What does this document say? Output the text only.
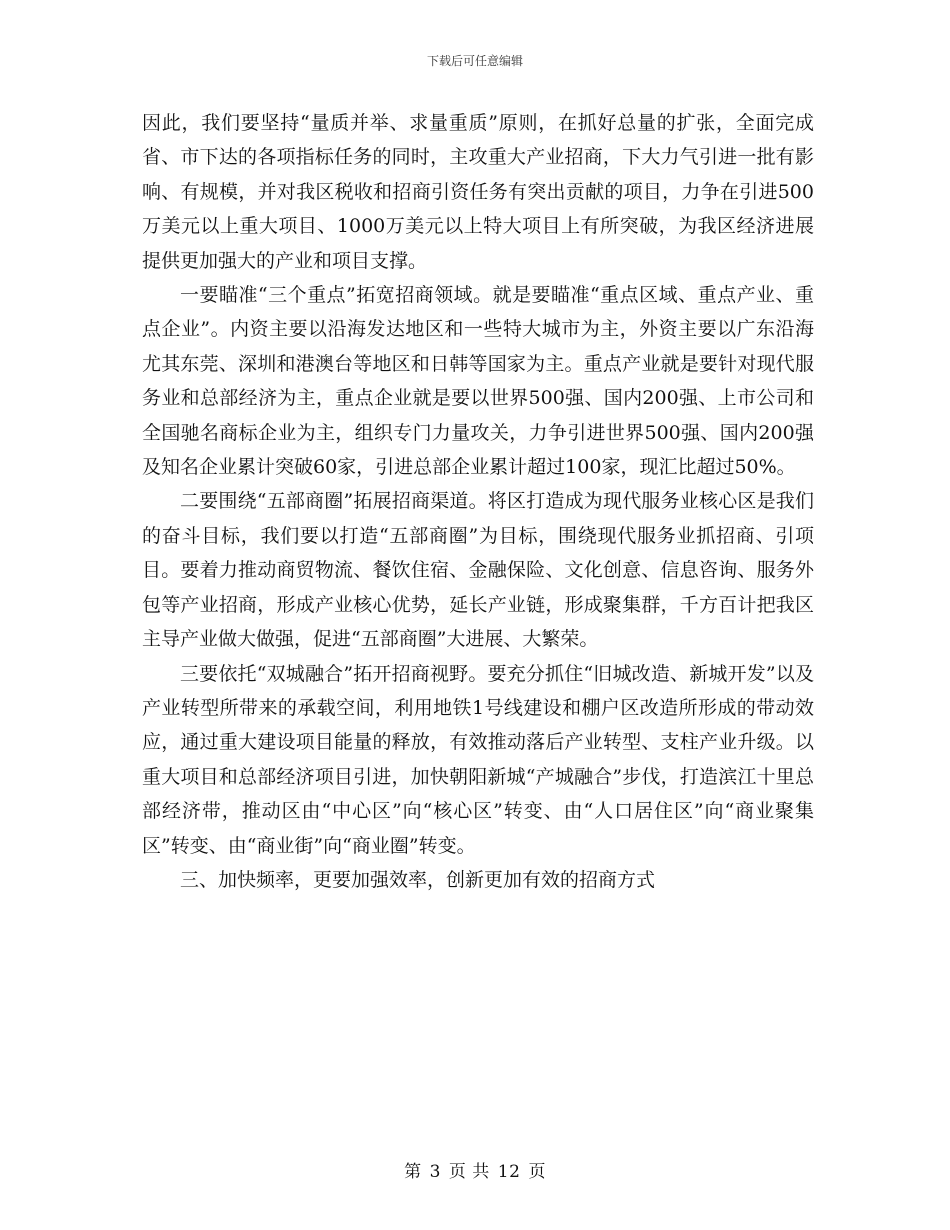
下载后可任意编辑

因此，我们要坚持“量质并举、求量重质”原则，在抓好总量的扩张，全面完成省、市下达的各项指标任务的同时，主攻重大产业招商，下大力气引进一批有影响、有规模，并对我区税收和招商引资任务有突出贡献的项目，力争在引进500万美元以上重大项目、1000万美元以上特大项目上有所突破，为我区经济进展提供更加强大的产业和项目支撑。

一要瞄准“三个重点”拓宽招商领域。就是要瞄准“重点区域、重点产业、重点企业”。内资主要以沿海发达地区和一些特大城市为主，外资主要以广东沿海尤其东莞、深圳和港澳台等地区和日韩等国家为主。重点产业就是要针对现代服务业和总部经济为主，重点企业就是要以世界500强、国内200强、上市公司和全国驰名商标企业为主，组织专门力量攻关，力争引进世界500强、国内200强及知名企业累计突破60家，引进总部企业累计超过100家，现汇比超过50%。

二要围绕“五部商圈”拓展招商渠道。将区打造成为现代服务业核心区是我们的奋斗目标，我们要以打造“五部商圈”为目标，围绕现代服务业抓招商、引项目。要着力推动商贸物流、餐饮住宿、金融保险、文化创意、信息咨询、服务外包等产业招商，形成产业核心优势，延长产业链，形成聚集群，千方百计把我区主导产业做大做强，促进“五部商圈”大进展、大繁荣。

三要依托“双城融合”拓开招商视野。要充分抓住“旧城改造、新城开发”以及产业转型所带来的承载空间，利用地铁1号线建设和棚户区改造所形成的带动效应，通过重大建设项目能量的释放，有效推动落后产业转型、支柱产业升级。以重大项目和总部经济项目引进，加快朝阳新城“产城融合”步伐，打造滨江十里总部经济带，推动区由“中心区”向“核心区”转变、由“人口居住区”向“商业聚集区”转变、由“商业街”向“商业圈”转变。

三、加快频率，更要加强效率，创新更加有效的招商方式

第 3 页 共 12 页
